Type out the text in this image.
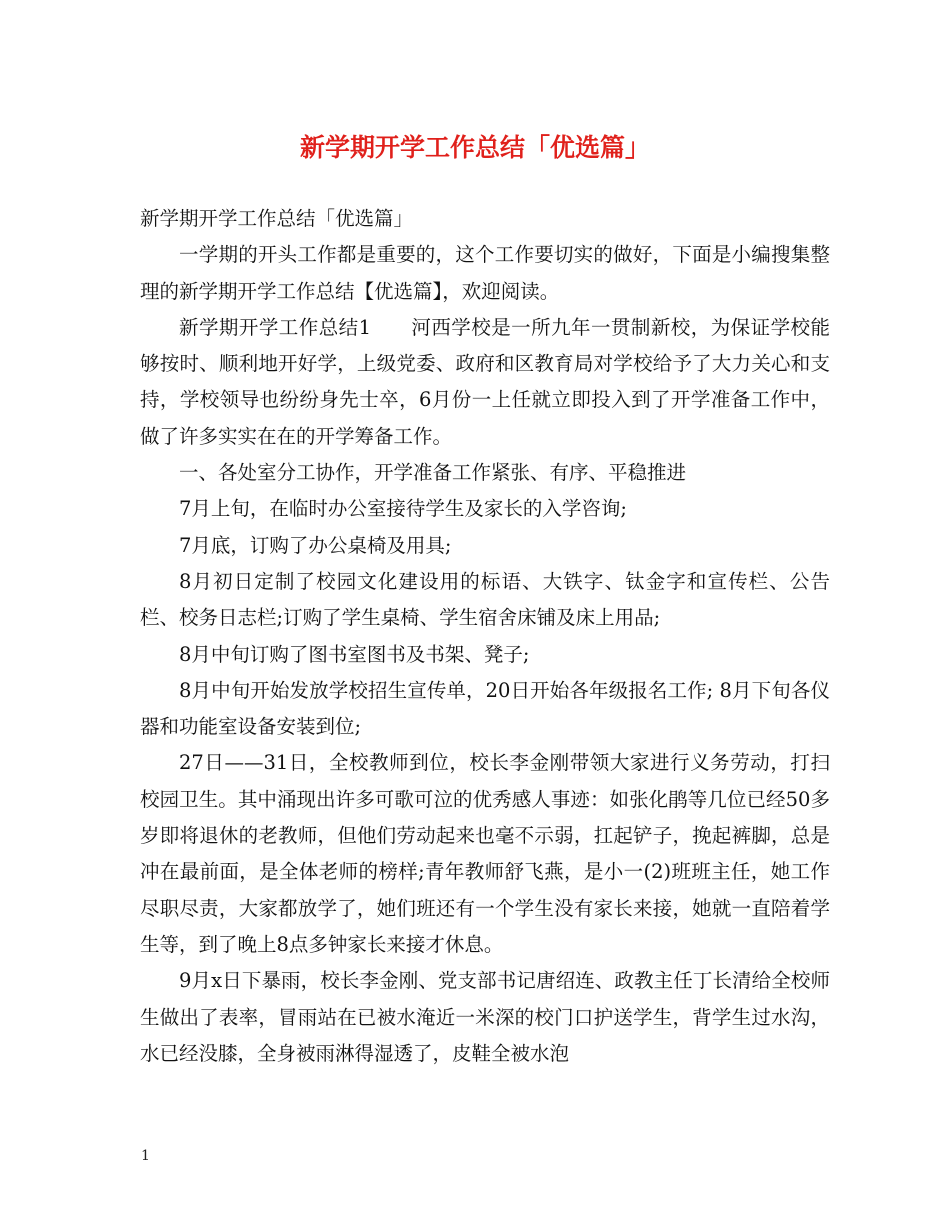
新学期开学工作总结「优选篇」

新学期开学工作总结「优选篇」

一学期的开头工作都是重要的，这个工作要切实的做好，下面是小编搜集整理的新学期开学工作总结【优选篇】，欢迎阅读。

新学期开学工作总结1　　河西学校是一所九年一贯制新校，为保证学校能够按时、顺利地开好学，上级党委、政府和区教育局对学校给予了大力关心和支持，学校领导也纷纷身先士卒，6月份一上任就立即投入到了开学准备工作中，做了许多实实在在的开学筹备工作。

一、各处室分工协作，开学准备工作紧张、有序、平稳推进

7月上旬，在临时办公室接待学生及家长的入学咨询;

7月底，订购了办公桌椅及用具;

8月初日定制了校园文化建设用的标语、大铁字、钛金字和宣传栏、公告栏、校务日志栏;订购了学生桌椅、学生宿舍床铺及床上用品;

8月中旬订购了图书室图书及书架、凳子;

8月中旬开始发放学校招生宣传单，20日开始各年级报名工作; 8月下旬各仪器和功能室设备安装到位;

27日——31日，全校教师到位，校长李金刚带领大家进行义务劳动，打扫校园卫生。其中涌现出许多可歌可泣的优秀感人事迹：如张化鹃等几位已经50多岁即将退休的老教师，但他们劳动起来也毫不示弱，扛起铲子，挽起裤脚，总是冲在最前面，是全体老师的榜样;青年教师舒飞燕，是小一(2)班班主任，她工作尽职尽责，大家都放学了，她们班还有一个学生没有家长来接，她就一直陪着学生等，到了晚上8点多钟家长来接才休息。

9月x日下暴雨，校长李金刚、党支部书记唐绍连、政教主任丁长清给全校师生做出了表率，冒雨站在已被水淹近一米深的校门口护送学生，背学生过水沟，水已经没膝，全身被雨淋得湿透了，皮鞋全被水泡

1
